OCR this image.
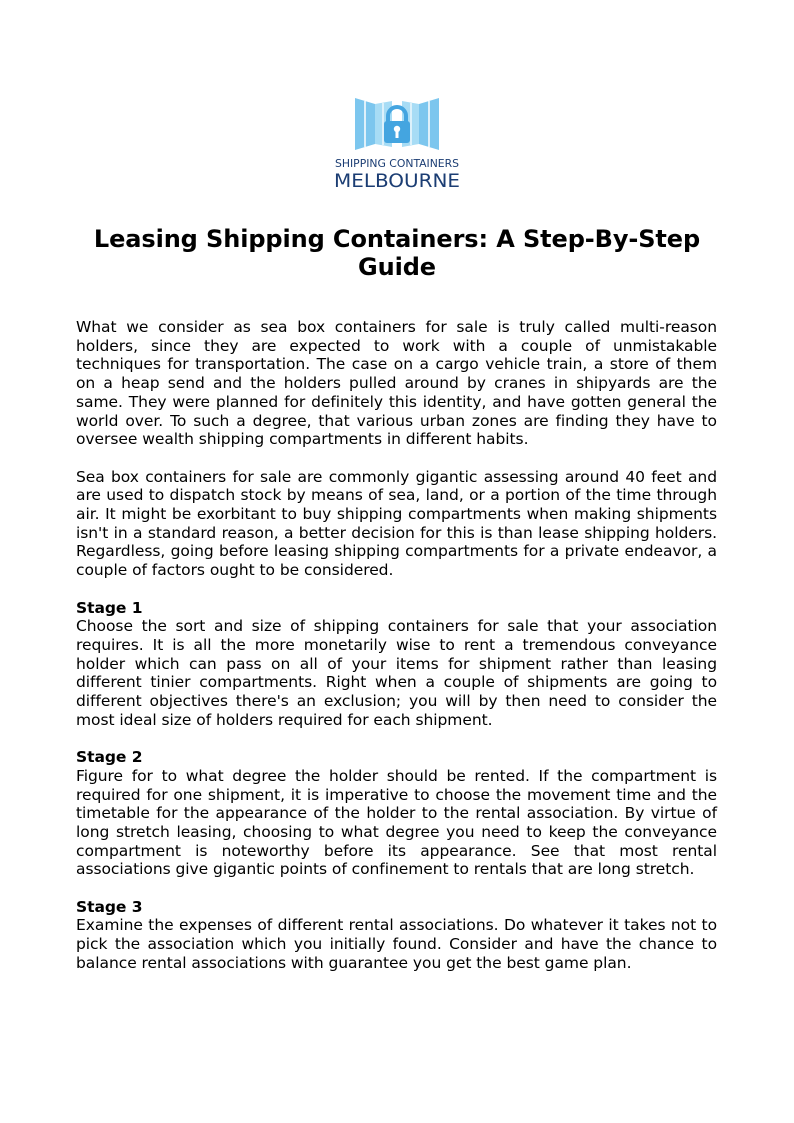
SHIPPING CONTAINERS
MELBOURNE
Leasing Shipping Containers: A Step-By-Step Guide

What we consider as sea box containers for sale is truly called multi-reason holders, since they are expected to work with a couple of unmistakable techniques for transportation. The case on a cargo vehicle train, a store of them on a heap send and the holders pulled around by cranes in shipyards are the same. They were planned for definitely this identity, and have gotten general the world over. To such a degree, that various urban zones are finding they have to oversee wealth shipping compartments in different habits.

Sea box containers for sale are commonly gigantic assessing around 40 feet and are used to dispatch stock by means of sea, land, or a portion of the time through air. It might be exorbitant to buy shipping compartments when making shipments isn't in a standard reason, a better decision for this is than lease shipping holders. Regardless, going before leasing shipping compartments for a private endeavor, a couple of factors ought to be considered.

Stage 1

Choose the sort and size of shipping containers for sale that your association requires. It is all the more monetarily wise to rent a tremendous conveyance holder which can pass on all of your items for shipment rather than leasing different tinier compartments. Right when a couple of shipments are going to different objectives there's an exclusion; you will by then need to consider the most ideal size of holders required for each shipment.

Stage 2

Figure for to what degree the holder should be rented. If the compartment is required for one shipment, it is imperative to choose the movement time and the timetable for the appearance of the holder to the rental association. By virtue of long stretch leasing, choosing to what degree you need to keep the conveyance compartment is noteworthy before its appearance. See that most rental associations give gigantic points of confinement to rentals that are long stretch.

Stage 3

Examine the expenses of different rental associations. Do whatever it takes not to pick the association which you initially found. Consider and have the chance to balance rental associations with guarantee you get the best game plan.
